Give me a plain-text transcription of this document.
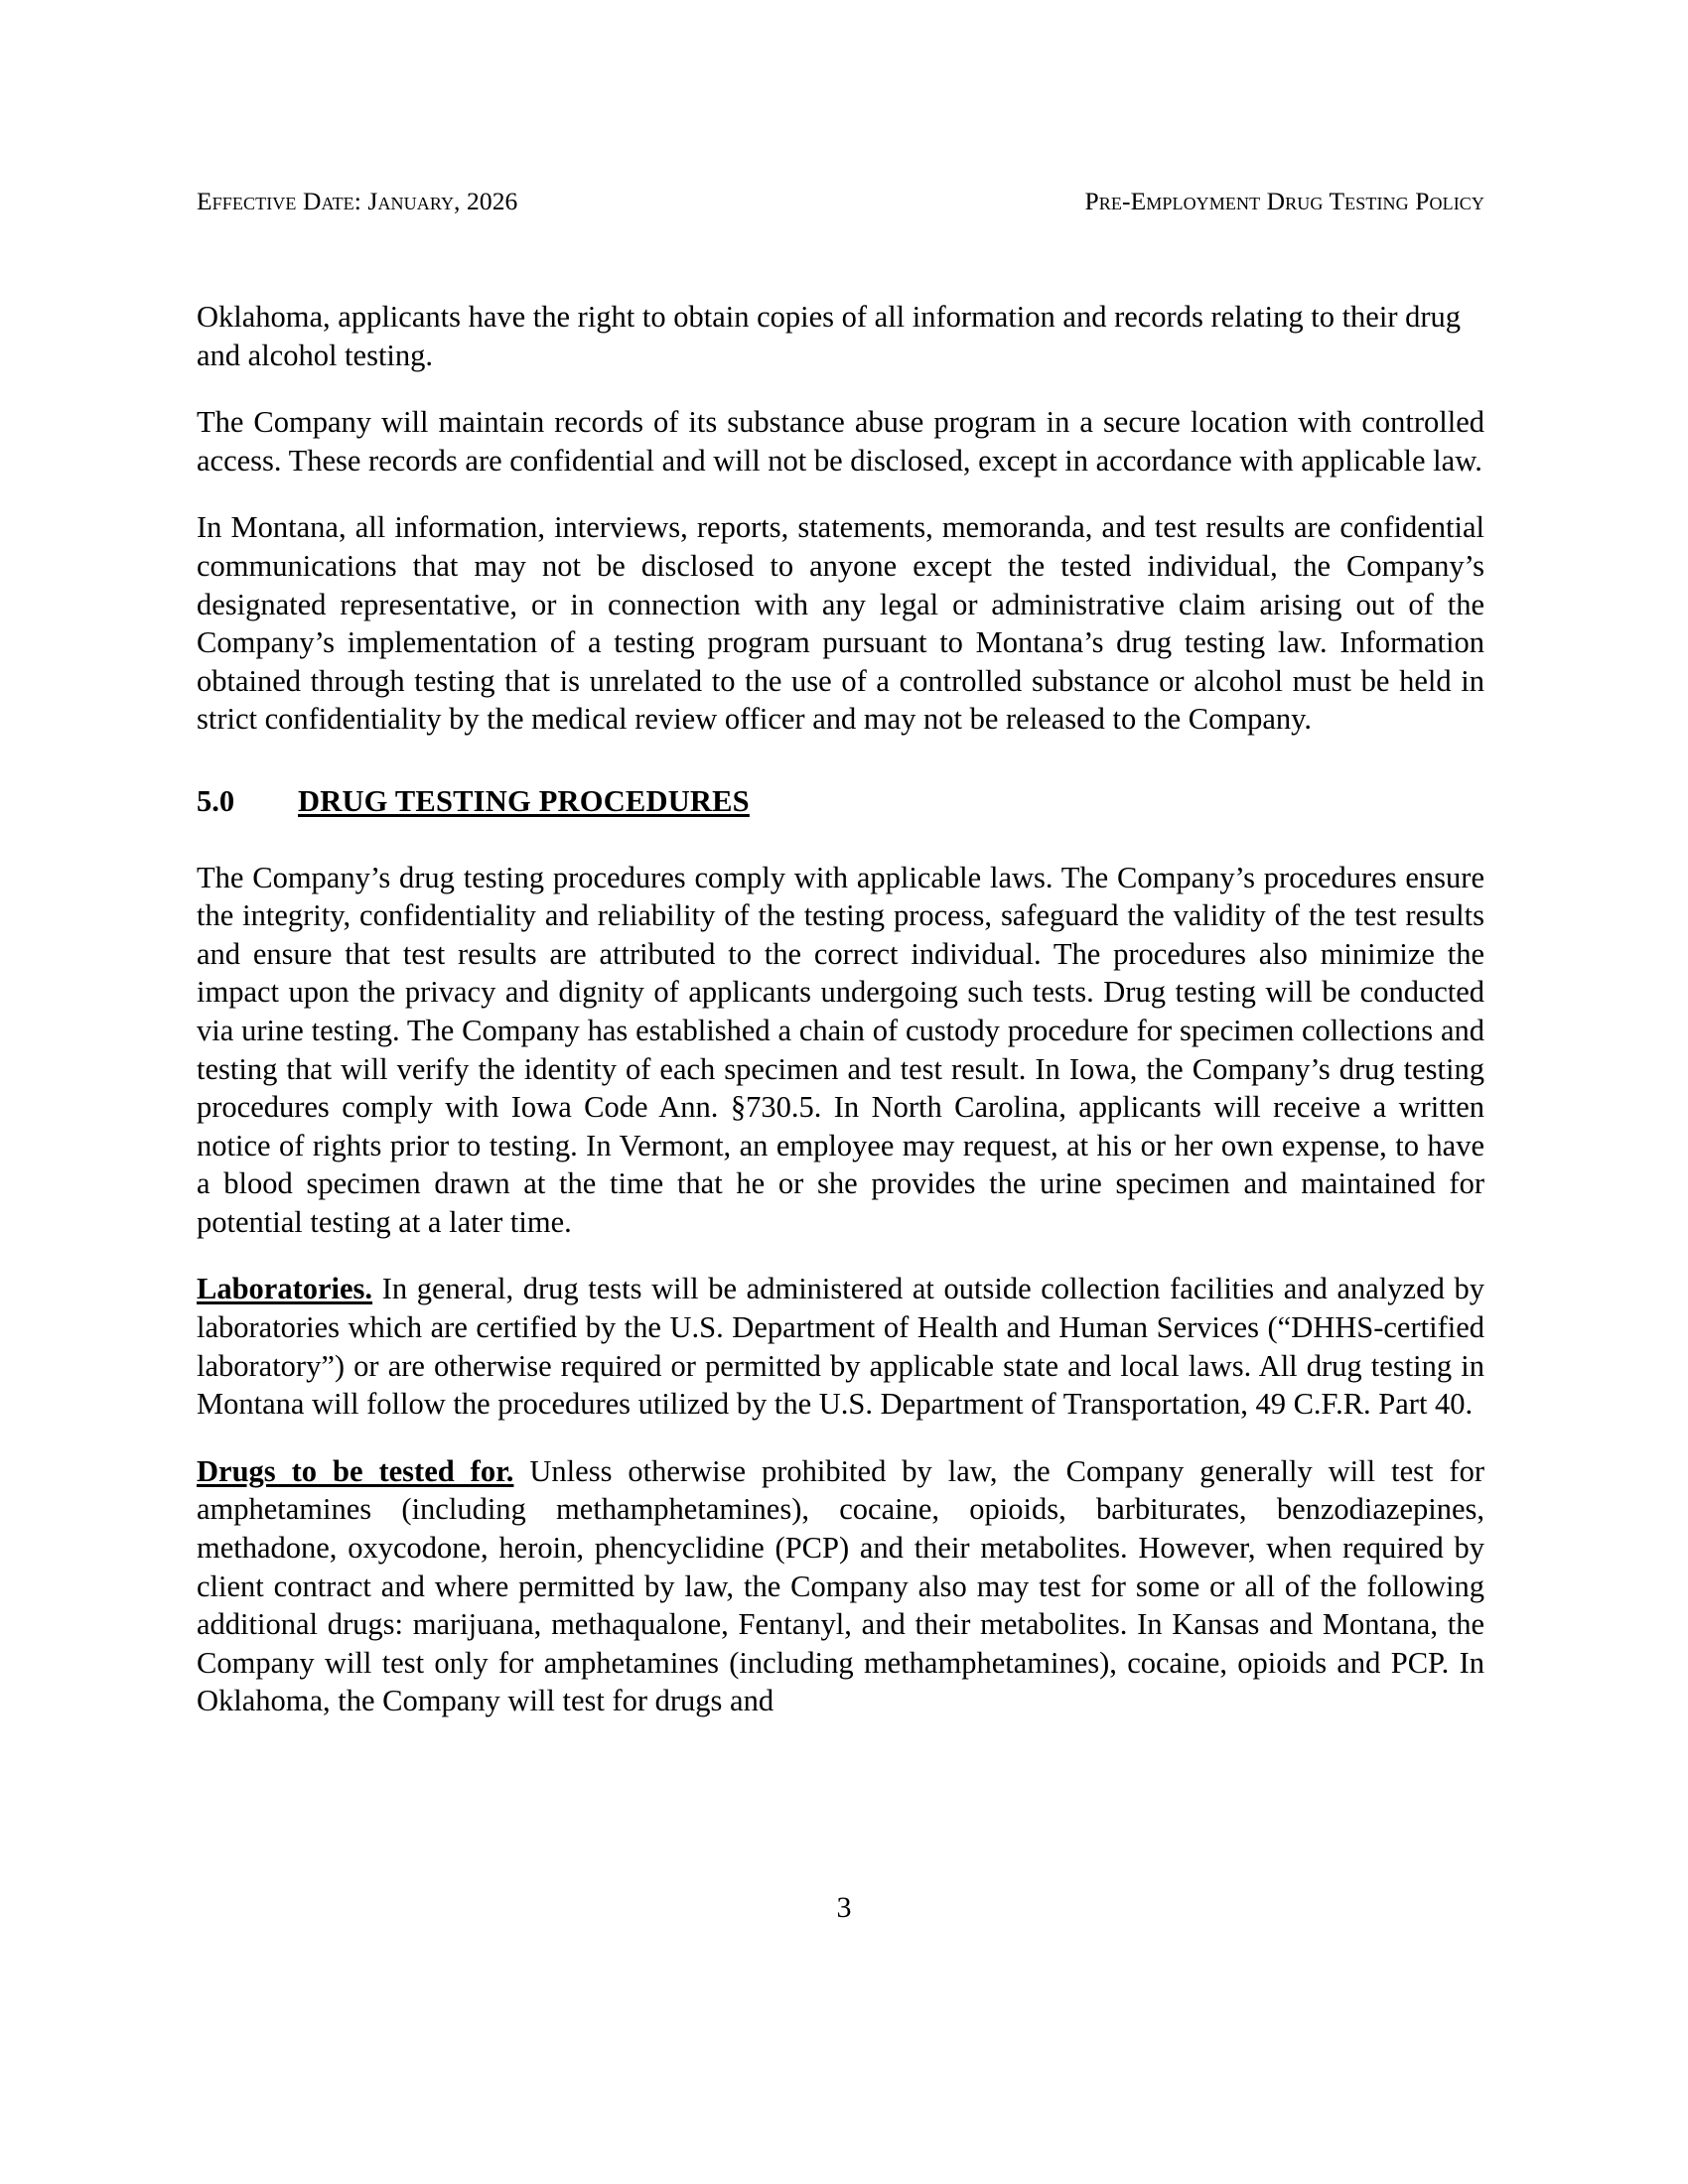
Effective Date: January, 2026	Pre-Employment Drug Testing Policy

Oklahoma, applicants have the right to obtain copies of all information and records relating to their drug and alcohol testing.

The Company will maintain records of its substance abuse program in a secure location with controlled access. These records are confidential and will not be disclosed, except in accordance with applicable law.

In Montana, all information, interviews, reports, statements, memoranda, and test results are confidential communications that may not be disclosed to anyone except the tested individual, the Company’s designated representative, or in connection with any legal or administrative claim arising out of the Company’s implementation of a testing program pursuant to Montana’s drug testing law. Information obtained through testing that is unrelated to the use of a controlled substance or alcohol must be held in strict confidentiality by the medical review officer and may not be released to the Company.

5.0	DRUG TESTING PROCEDURES

The Company’s drug testing procedures comply with applicable laws. The Company’s procedures ensure the integrity, confidentiality and reliability of the testing process, safeguard the validity of the test results and ensure that test results are attributed to the correct individual. The procedures also minimize the impact upon the privacy and dignity of applicants undergoing such tests. Drug testing will be conducted via urine testing. The Company has established a chain of custody procedure for specimen collections and testing that will verify the identity of each specimen and test result. In Iowa, the Company’s drug testing procedures comply with Iowa Code Ann. §730.5. In North Carolina, applicants will receive a written notice of rights prior to testing. In Vermont, an employee may request, at his or her own expense, to have a blood specimen drawn at the time that he or she provides the urine specimen and maintained for potential testing at a later time.

Laboratories. In general, drug tests will be administered at outside collection facilities and analyzed by laboratories which are certified by the U.S. Department of Health and Human Services (“DHHS-certified laboratory”) or are otherwise required or permitted by applicable state and local laws. All drug testing in Montana will follow the procedures utilized by the U.S. Department of Transportation, 49 C.F.R. Part 40.

Drugs to be tested for. Unless otherwise prohibited by law, the Company generally will test for amphetamines (including methamphetamines), cocaine, opioids, barbiturates, benzodiazepines, methadone, oxycodone, heroin, phencyclidine (PCP) and their metabolites. However, when required by client contract and where permitted by law, the Company also may test for some or all of the following additional drugs: marijuana, methaqualone, Fentanyl, and their metabolites. In Kansas and Montana, the Company will test only for amphetamines (including methamphetamines), cocaine, opioids and PCP. In Oklahoma, the Company will test for drugs and

3
